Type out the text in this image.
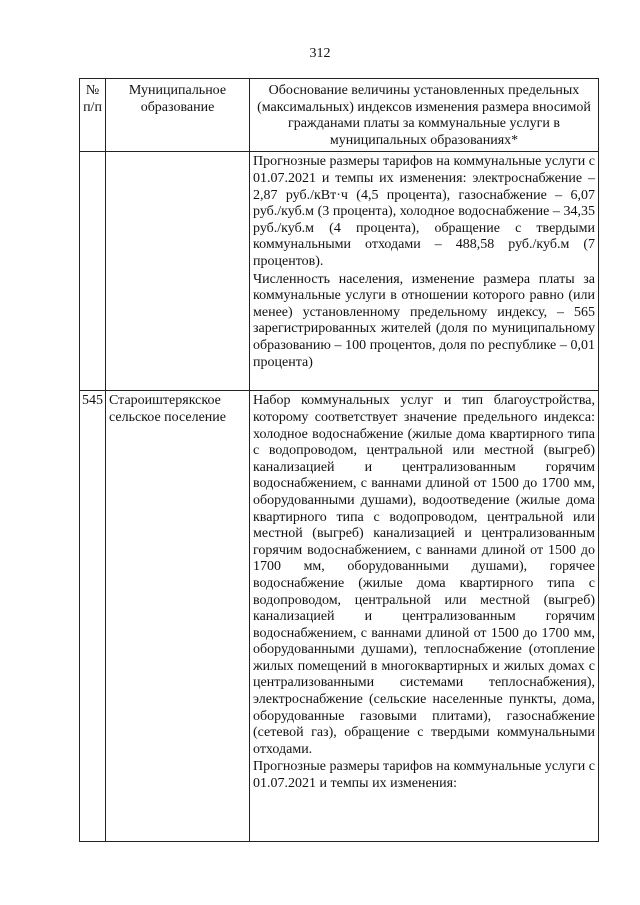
312
№ п/п	Муниципальное образование	Обоснование величины установленных предельных (максимальных) индексов изменения размера вносимой гражданами платы за коммунальные услуги в муниципальных образованиях*

		Прогнозные размеры тарифов на коммунальные услуги с 01.07.2021 и темпы их изменения: электроснабжение – 2,87 руб./кВт·ч (4,5 процента), газоснабжение – 6,07 руб./куб.м (3 процента), холодное водоснабжение – 34,35 руб./куб.м (4 процента), обращение с твердыми коммунальными отходами – 488,58 руб./куб.м (7 процентов).

Численность населения, изменение размера платы за коммунальные услуги в отношении которого равно (или менее) установленному предельному индексу, – 565 зарегистрированных жителей (доля по муниципальному образованию – 100 процентов, доля по республике – 0,01 процента)

545	Староиштерякское сельское поселение	Набор коммунальных услуг и тип благоустройства, которому соответствует значение предельного индекса: холодное водоснабжение (жилые дома квартирного типа с водопроводом, центральной или местной (выгреб) канализацией и централизованным горячим водоснабжением, с ваннами длиной от 1500 до 1700 мм, оборудованными душами), водоотведение (жилые дома квартирного типа с водопроводом, центральной или местной (выгреб) канализацией и централизованным горячим водоснабжением, с ваннами длиной от 1500 до 1700 мм, оборудованными душами), горячее водоснабжение (жилые дома квартирного типа с водопроводом, центральной или местной (выгреб) канализацией и централизованным горячим водоснабжением, с ваннами длиной от 1500 до 1700 мм, оборудованными душами), теплоснабжение (отопление жилых помещений в многоквартирных и жилых домах с централизованными системами теплоснабжения), электроснабжение (сельские населенные пункты, дома, оборудованные газовыми плитами), газоснабжение (сетевой газ), обращение с твердыми коммунальными отходами.

Прогнозные размеры тарифов на коммунальные услуги с 01.07.2021 и темпы их изменения:
